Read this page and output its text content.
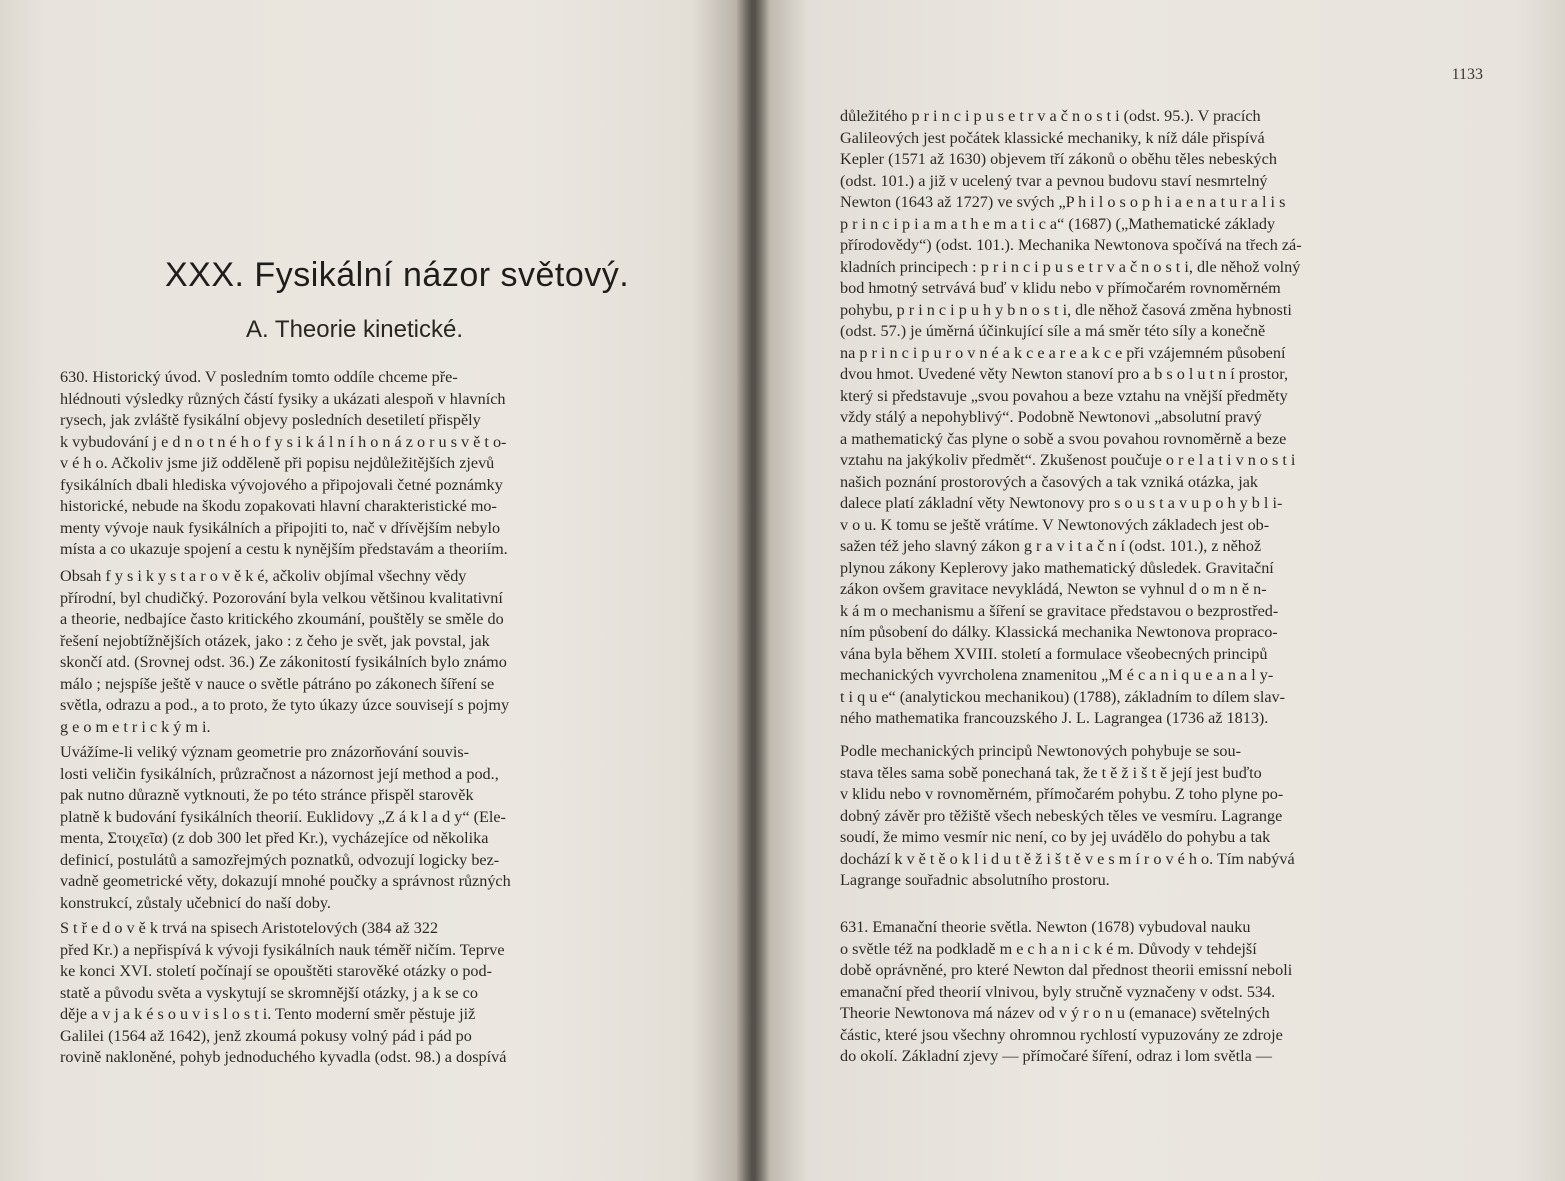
XXX. Fysikální názor světový.
A. Theorie kinetické.
630. Historický úvod. V posledním tomto oddíle chceme pře-
hlédnouti výsledky různých částí fysiky a ukázati alespoň v hlavních
rysech, jak zvláště fysikální objevy posledních desetiletí přispěly
k vybudování j e d n o t n é h o f y s i k á l n í h o n á z o r u s v ě t o-
v é h o. Ačkoliv jsme již odděleně při popisu nejdůležitějších zjevů
fysikálních dbali hlediska vývojového a připojovali četné poznámky
historické, nebude na škodu zopakovati hlavní charakteristické mo-
menty vývoje nauk fysikálních a připojiti to, nač v dřívějším nebylo
místa a co ukazuje spojení a cestu k nynějším představám a theoriím.
Obsah f y s i k y s t a r o v ě k é, ačkoliv objímal všechny vědy
přírodní, byl chudičký. Pozorování byla velkou většinou kvalitativní
a theorie, nedbajíce často kritického zkoumání, pouštěly se směle do
řešení nejobtížnějších otázek, jako : z čeho je svět, jak povstal, jak
skončí atd. (Srovnej odst. 36.) Ze zákonitostí fysikálních bylo známo
málo ; nejspíše ještě v nauce o světle pátráno po zákonech šíření se
světla, odrazu a pod., a to proto, že tyto úkazy úzce souvisejí s pojmy
g e o m e t r i c k ý m i.
Uvážíme-li veliký význam geometrie pro znázorňování souvis-
losti veličin fysikálních, průzračnost a názornost její method a pod.,
pak nutno důrazně vytknouti, že po této stránce přispěl starověk
platně k budování fysikálních theorií. Euklidovy „Z á k l a d y“ (Ele-
menta, Στοιχεῖα) (z dob 300 let před Kr.), vycházejíce od několika
definicí, postulátů a samozřejmých poznatků, odvozují logicky bez-
vadně geometrické věty, dokazují mnohé poučky a správnost různých
konstrukcí, zůstaly učebnicí do naší doby.
S t ř e d o v ě k trvá na spisech Aristotelových (384 až 322
před Kr.) a nepřispívá k vývoji fysikálních nauk téměř ničím. Teprve
ke konci XVI. století počínají se opouštěti starověké otázky o pod-
statě a původu světa a vyskytují se skromnější otázky, j a k se co
děje a v j a k é s o u v i s l o s t i. Tento moderní směr pěstuje již
Galilei (1564 až 1642), jenž zkoumá pokusy volný pád i pád po
rovině nakloněné, pohyb jednoduchého kyvadla (odst. 98.) a dospívá
1133
důležitého p r i n c i p u s e t r v a č n o s t i (odst. 95.). V pracích
Galileových jest počátek klassické mechaniky, k níž dále přispívá
Kepler (1571 až 1630) objevem tří zákonů o oběhu těles nebeských
(odst. 101.) a již v ucelený tvar a pevnou budovu staví nesmrtelný
Newton (1643 až 1727) ve svých „P h i l o s o p h i a e n a t u r a l i s
p r i n c i p i a m a t h e m a t i c a“ (1687) („Mathematické základy
přírodovědy“) (odst. 101.). Mechanika Newtonova spočívá na třech zá-
kladních principech : p r i n c i p u s e t r v a č n o s t i, dle něhož volný
bod hmotný setrvává buď v klidu nebo v přímočarém rovnoměrném
pohybu, p r i n c i p u h y b n o s t i, dle něhož časová změna hybnosti
(odst. 57.) je úměrná účinkující síle a má směr této síly a konečně
na p r i n c i p u r o v n é a k c e a r e a k c e při vzájemném působení
dvou hmot. Uvedené věty Newton stanoví pro a b s o l u t n í prostor,
který si představuje „svou povahou a beze vztahu na vnější předměty
vždy stálý a nepohyblivý“. Podobně Newtonovi „absolutní pravý
a mathematický čas plyne o sobě a svou povahou rovnoměrně a beze
vztahu na jakýkoliv předmět“. Zkušenost poučuje o r e l a t i v n o s t i
našich poznání prostorových a časových a tak vzniká otázka, jak
dalece platí základní věty Newtonovy pro s o u s t a v u p o h y b l i-
v o u. K tomu se ještě vrátíme. V Newtonových základech jest ob-
sažen též jeho slavný zákon g r a v i t a č n í (odst. 101.), z něhož
plynou zákony Keplerovy jako mathematický důsledek. Gravitační
zákon ovšem gravitace nevykládá, Newton se vyhnul d o m n ě n-
k á m o mechanismu a šíření se gravitace představou o bezprostřed-
ním působení do dálky. Klassická mechanika Newtonova propraco-
vána byla během XVIII. století a formulace všeobecných principů
mechanických vyvrcholena znamenitou „M é c a n i q u e a n a l y-
t i q u e“ (analytickou mechanikou) (1788), základním to dílem slav-
ného mathematika francouzského J. L. Lagrangea (1736 až 1813).
Podle mechanických principů Newtonových pohybuje se sou-
stava těles sama sobě ponechaná tak, že t ě ž i š t ě její jest buďto
v klidu nebo v rovnoměrném, přímočarém pohybu. Z toho plyne po-
dobný závěr pro těžiště všech nebeských těles ve vesmíru. Lagrange
soudí, že mimo vesmír nic není, co by jej uvádělo do pohybu a tak
dochází k v ě t ě o k l i d u t ě ž i š t ě v e s m í r o v é h o. Tím nabývá
Lagrange souřadnic absolutního prostoru.
631. Emanační theorie světla. Newton (1678) vybudoval nauku
o světle též na podkladě m e c h a n i c k é m. Důvody v tehdejší
době oprávněné, pro které Newton dal přednost theorii emissní neboli
emanační před theorií vlnivou, byly stručně vyznačeny v odst. 534.
Theorie Newtonova má název od v ý r o n u (emanace) světelných
částic, které jsou všechny ohromnou rychlostí vypuzovány ze zdroje
do okolí. Základní zjevy — přímočaré šíření, odraz i lom světla —
